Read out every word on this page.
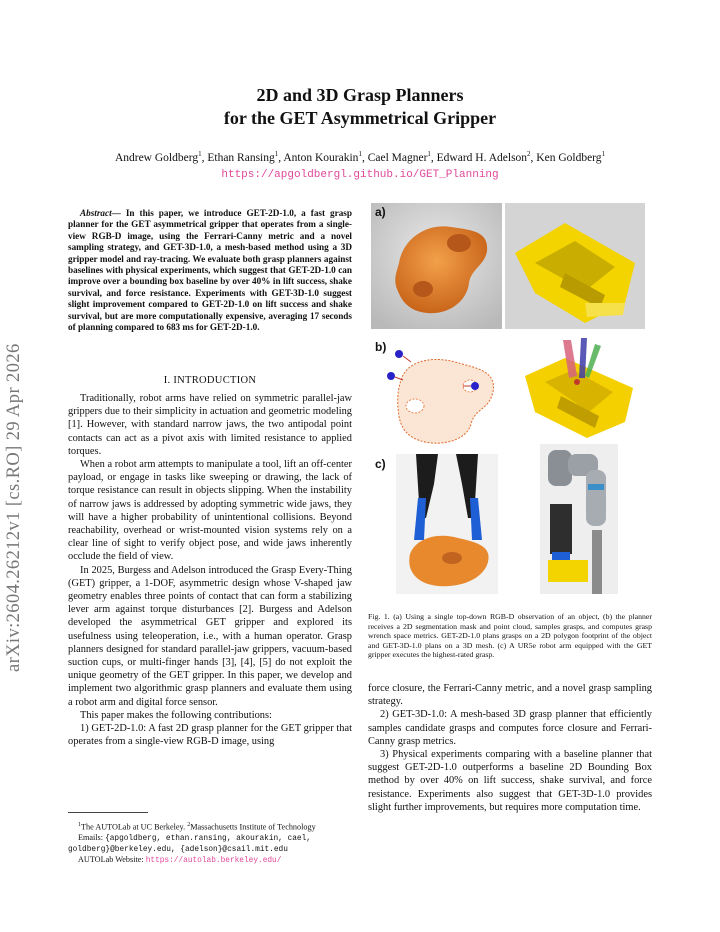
arXiv:2604.26212v1 [cs.RO] 29 Apr 2026
2D and 3D Grasp Planners
for the GET Asymmetrical Gripper
Andrew Goldberg$^1$, Ethan Ransing$^1$, Anton Kourakin$^1$, Cael Magner$^1$, Edward H. Adelson$^2$, Ken Goldberg$^1$
https://apgoldbergl.github.io/GET_Planning

Abstract— In this paper, we introduce GET-2D-1.0, a fast grasp planner for the GET asymmetrical gripper that operates from a single-view RGB-D image, using the Ferrari-Canny metric and a novel sampling strategy, and GET-3D-1.0, a mesh-based method using a 3D gripper model and ray-tracing. We evaluate both grasp planners against baselines with physical experiments, which suggest that GET-2D-1.0 can improve over a bounding box baseline by over 40% in lift success, shake survival, and force resistance. Experiments with GET-3D-1.0 suggest slight improvement compared to GET-2D-1.0 on lift success and shake survival, but are more computationally expensive, averaging 17 seconds of planning compared to 683 ms for GET-2D-1.0.

I. INTRODUCTION

Traditionally, robot arms have relied on symmetric parallel-jaw grippers due to their simplicity in actuation and geometric modeling [1]. However, with standard narrow jaws, the two antipodal point contacts can act as a pivot axis with limited resistance to applied torques.

When a robot arm attempts to manipulate a tool, lift an off-center payload, or engage in tasks like sweeping or drawing, the lack of torque resistance can result in objects slipping. When the instability of narrow jaws is addressed by adopting symmetric wide jaws, they will have a higher probability of unintentional collisions. Beyond reachability, overhead or wrist-mounted vision systems rely on a clear line of sight to verify object pose, and wide jaws inherently occlude the field of view.

In 2025, Burgess and Adelson introduced the Grasp Every-Thing (GET) gripper, a 1-DOF, asymmetric design whose V-shaped jaw geometry enables three points of contact that can form a stabilizing lever arm against torque disturbances [2]. Burgess and Adelson developed the asymmetrical GET gripper and explored its usefulness using teleoperation, i.e., with a human operator. Grasp planners designed for standard parallel-jaw grippers, vacuum-based suction cups, or multi-finger hands [3], [4], [5] do not exploit the unique geometry of the GET gripper. In this paper, we develop and implement two algorithmic grasp planners and evaluate them using a robot arm and digital force sensor.

This paper makes the following contributions:

1) GET-2D-1.0: A fast 2D grasp planner for the GET gripper that operates from a single-view RGB-D image, using

$^1$The AUTOLab at UC Berkeley. $^2$Massachusetts Institute of Technology
Emails: {apgoldberg, ethan.ransing, akourakin, cael, goldberg}@berkeley.edu, {adelson}@csail.mit.edu
AUTOLab Website: https://autolab.berkeley.edu/
a)
b)
c)
Fig. 1. (a) Using a single top-down RGB-D observation of an object, (b) the planner receives a 2D segmentation mask and point cloud, samples grasps, and computes grasp wrench space metrics. GET-2D-1.0 plans grasps on a 2D polygon footprint of the object and GET-3D-1.0 plans on a 3D mesh. (c) A UR5e robot arm equipped with the GET gripper executes the highest-rated grasp.

force closure, the Ferrari-Canny metric, and a novel grasp sampling strategy.

2) GET-3D-1.0: A mesh-based 3D grasp planner that efficiently samples candidate grasps and computes force closure and Ferrari-Canny grasp metrics.

3) Physical experiments comparing with a baseline planner that suggest GET-2D-1.0 outperforms a baseline 2D Bounding Box method by over 40% on lift success, shake survival, and force resistance. Experiments also suggest that GET-3D-1.0 provides slight further improvements, but requires more computation time.
